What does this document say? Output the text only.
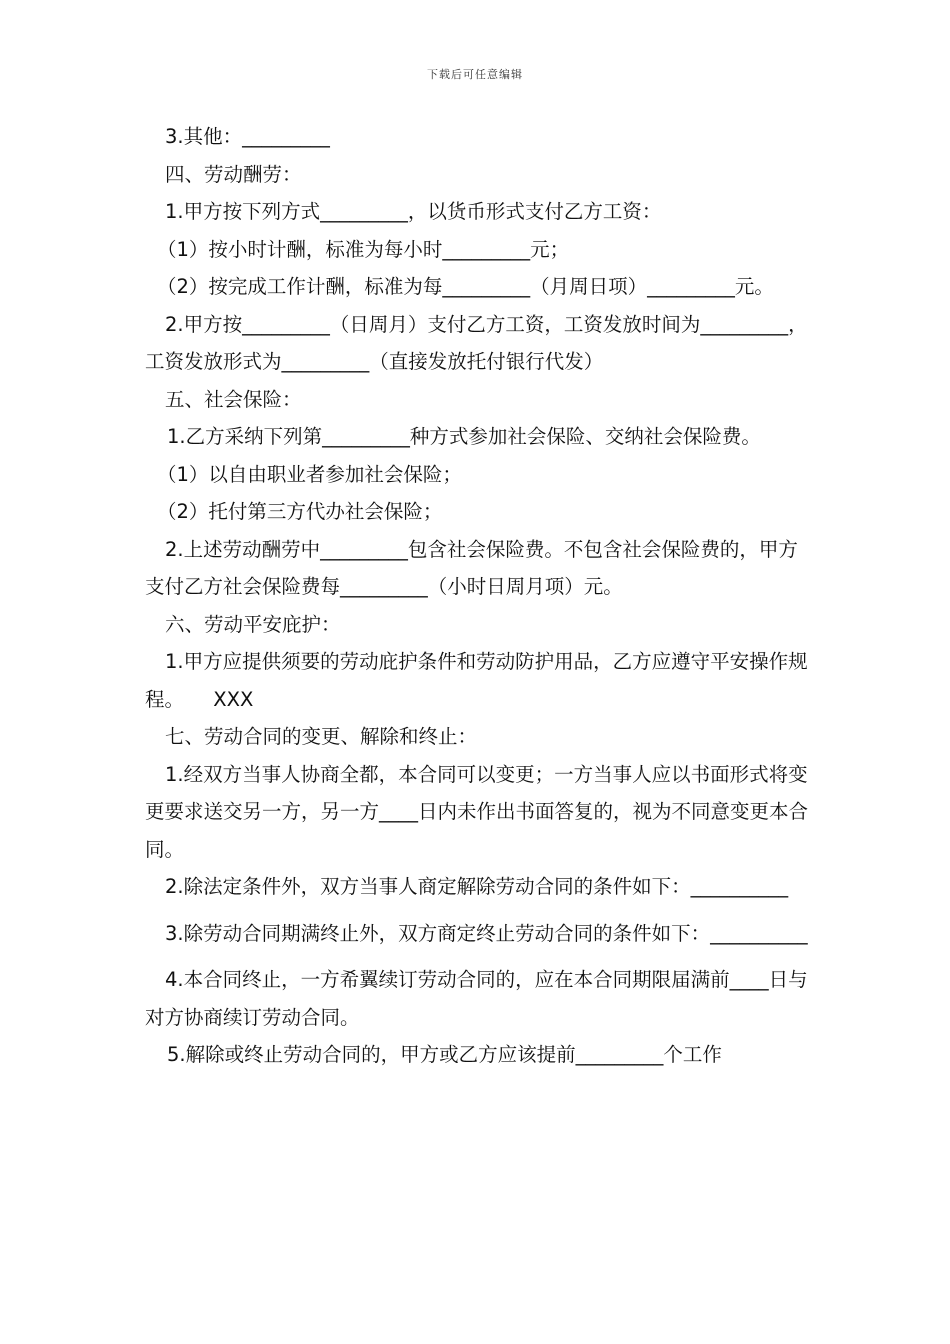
下载后可任意编辑

3.其他：_________

四、劳动酬劳：

1.甲方按下列方式_________，以货币形式支付乙方工资：

（1）按小时计酬，标准为每小时_________元；

（2）按完成工作计酬，标准为每_________（月周日项）_________元。

2.甲方按_________（日周月）支付乙方工资，工资发放时间为_________，工资发放形式为_________（直接发放托付银行代发）

五、社会保险：

1.乙方采纳下列第_________种方式参加社会保险、交纳社会保险费。

（1）以自由职业者参加社会保险；

（2）托付第三方代办社会保险；

2.上述劳动酬劳中_________包含社会保险费。不包含社会保险费的，甲方支付乙方社会保险费每_________（小时日周月项）元。

六、劳动平安庇护：

1.甲方应提供须要的劳动庇护条件和劳动防护用品，乙方应遵守平安操作规程。　　XXX

七、劳动合同的变更、解除和终止：

1.经双方当事人协商全都，本合同可以变更；一方当事人应以书面形式将变更要求送交另一方，另一方____日内未作出书面答复的，视为不同意变更本合同。

2.除法定条件外，双方当事人商定解除劳动合同的条件如下：__________

3.除劳动合同期满终止外，双方商定终止劳动合同的条件如下：__________

4.本合同终止，一方希翼续订劳动合同的，应在本合同期限届满前____日与对方协商续订劳动合同。

5.解除或终止劳动合同的，甲方或乙方应该提前_________个工作
